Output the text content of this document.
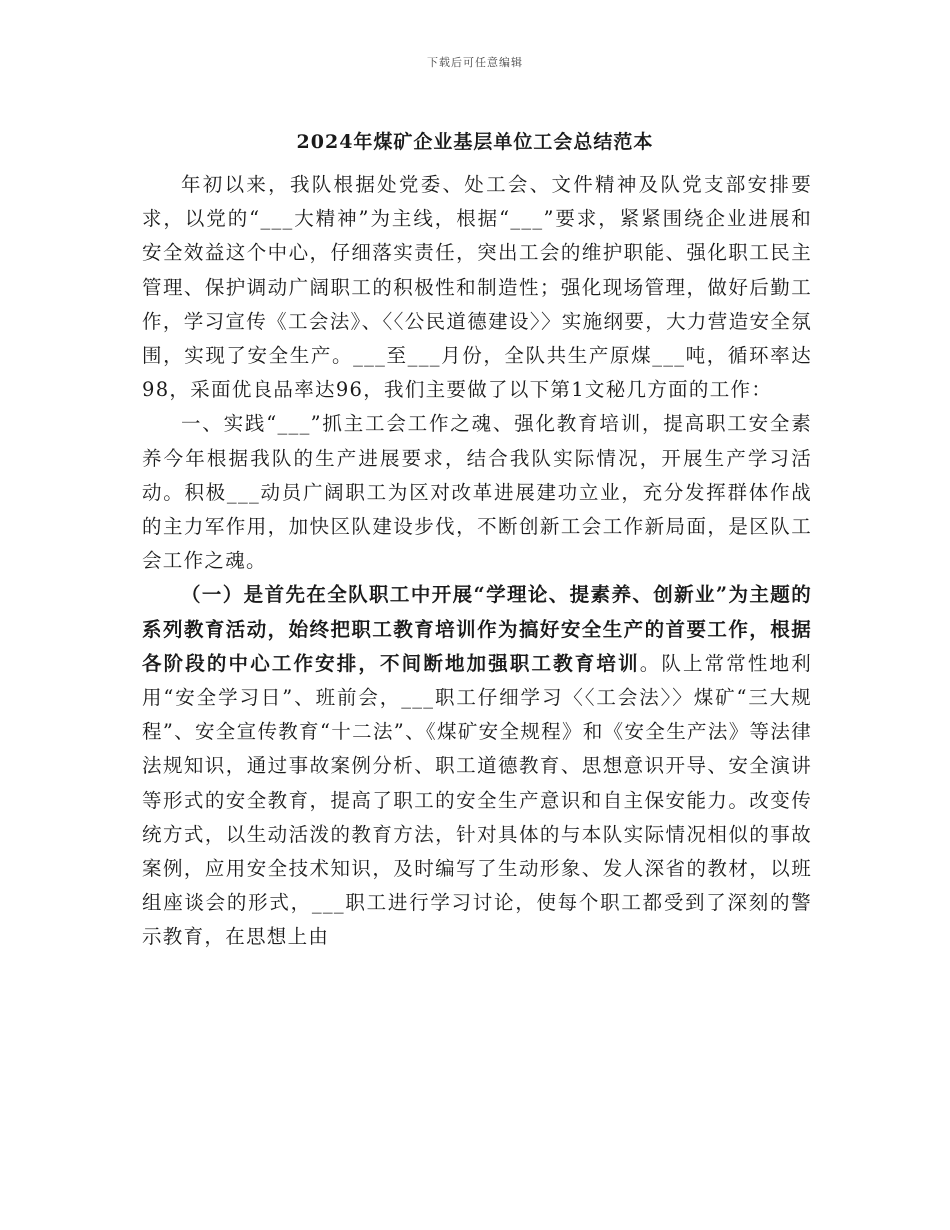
下载后可任意编辑
2024年煤矿企业基层单位工会总结范本

年初以来，我队根据处党委、处工会、文件精神及队党支部安排要求，以党的“___大精神”为主线，根据“___”要求，紧紧围绕企业进展和安全效益这个中心，仔细落实责任，突出工会的维护职能、强化职工民主管理、保护调动广阔职工的积极性和制造性；强化现场管理，做好后勤工作，学习宣传《工会法》、〈〈公民道德建设〉〉实施纲要，大力营造安全氛围，实现了安全生产。___至___月份，全队共生产原煤___吨，循环率达98，采面优良品率达96，我们主要做了以下第1文秘几方面的工作：

一、实践“___”抓主工会工作之魂、强化教育培训，提高职工安全素养今年根据我队的生产进展要求，结合我队实际情况，开展生产学习活动。积极___动员广阔职工为区对改革进展建功立业，充分发挥群体作战的主力军作用，加快区队建设步伐，不断创新工会工作新局面，是区队工会工作之魂。

（一）是首先在全队职工中开展“学理论、提素养、创新业”为主题的系列教育活动，始终把职工教育培训作为搞好安全生产的首要工作，根据各阶段的中心工作安排，不间断地加强职工教育培训。队上常常性地利用“安全学习日”、班前会，___职工仔细学习〈〈工会法〉〉煤矿“三大规程”、安全宣传教育“十二法”、《煤矿安全规程》和《安全生产法》等法律法规知识，通过事故案例分析、职工道德教育、思想意识开导、安全演讲等形式的安全教育，提高了职工的安全生产意识和自主保安能力。改变传统方式，以生动活泼的教育方法，针对具体的与本队实际情况相似的事故案例，应用安全技术知识，及时编写了生动形象、发人深省的教材，以班组座谈会的形式，___职工进行学习讨论，使每个职工都受到了深刻的警示教育，在思想上由
